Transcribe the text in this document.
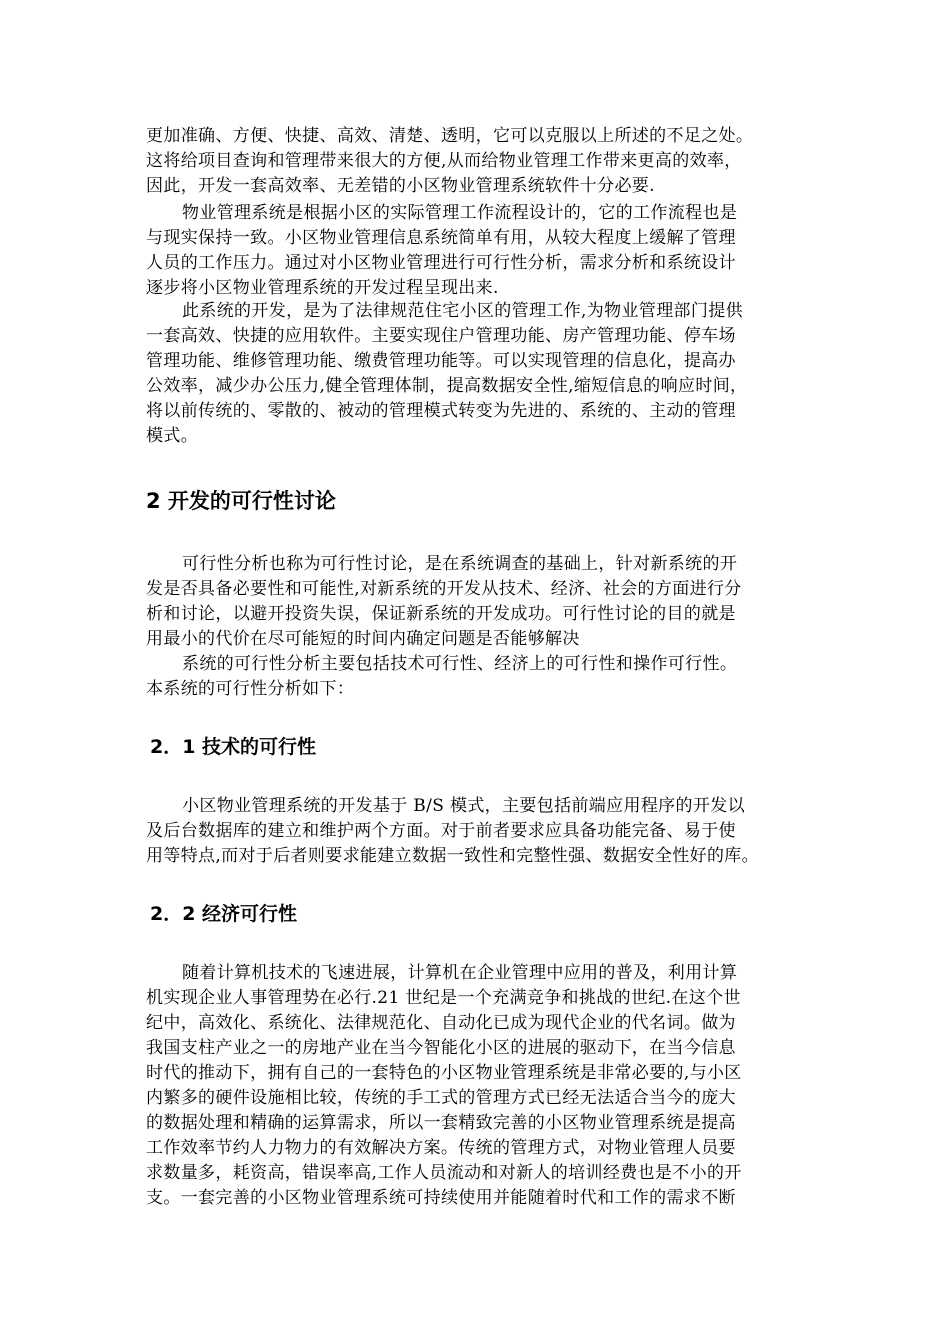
更加准确、方便、快捷、高效、清楚、透明，它可以克服以上所述的不足之处。
这将给项目查询和管理带来很大的方便,从而给物业管理工作带来更高的效率，
因此，开发一套高效率、无差错的小区物业管理系统软件十分必要.
物业管理系统是根据小区的实际管理工作流程设计的，它的工作流程也是
与现实保持一致。小区物业管理信息系统简单有用，从较大程度上缓解了管理
人员的工作压力。通过对小区物业管理进行可行性分析，需求分析和系统设计
逐步将小区物业管理系统的开发过程呈现出来.
此系统的开发，是为了法律规范住宅小区的管理工作,为物业管理部门提供
一套高效、快捷的应用软件。主要实现住户管理功能、房产管理功能、停车场
管理功能、维修管理功能、缴费管理功能等。可以实现管理的信息化，提高办
公效率，减少办公压力,健全管理体制，提高数据安全性,缩短信息的响应时间，
将以前传统的、零散的、被动的管理模式转变为先进的、系统的、主动的管理
模式。
2 开发的可行性讨论
可行性分析也称为可行性讨论，是在系统调查的基础上，针对新系统的开
发是否具备必要性和可能性,对新系统的开发从技术、经济、社会的方面进行分
析和讨论，以避开投资失误，保证新系统的开发成功。可行性讨论的目的就是
用最小的代价在尽可能短的时间内确定问题是否能够解决
系统的可行性分析主要包括技术可行性、经济上的可行性和操作可行性。
本系统的可行性分析如下：
2．1 技术的可行性
小区物业管理系统的开发基于 B/S 模式，主要包括前端应用程序的开发以
及后台数据库的建立和维护两个方面。对于前者要求应具备功能完备、易于使
用等特点,而对于后者则要求能建立数据一致性和完整性强、数据安全性好的库。
2．2 经济可行性
随着计算机技术的飞速进展，计算机在企业管理中应用的普及，利用计算
机实现企业人事管理势在必行.21 世纪是一个充满竞争和挑战的世纪.在这个世
纪中，高效化、系统化、法律规范化、自动化已成为现代企业的代名词。做为
我国支柱产业之一的房地产业在当今智能化小区的进展的驱动下，在当今信息
时代的推动下，拥有自己的一套特色的小区物业管理系统是非常必要的,与小区
内繁多的硬件设施相比较，传统的手工式的管理方式已经无法适合当今的庞大
的数据处理和精确的运算需求，所以一套精致完善的小区物业管理系统是提高
工作效率节约人力物力的有效解决方案。传统的管理方式，对物业管理人员要
求数量多，耗资高，错误率高,工作人员流动和对新人的培训经费也是不小的开
支。一套完善的小区物业管理系统可持续使用并能随着时代和工作的需求不断
